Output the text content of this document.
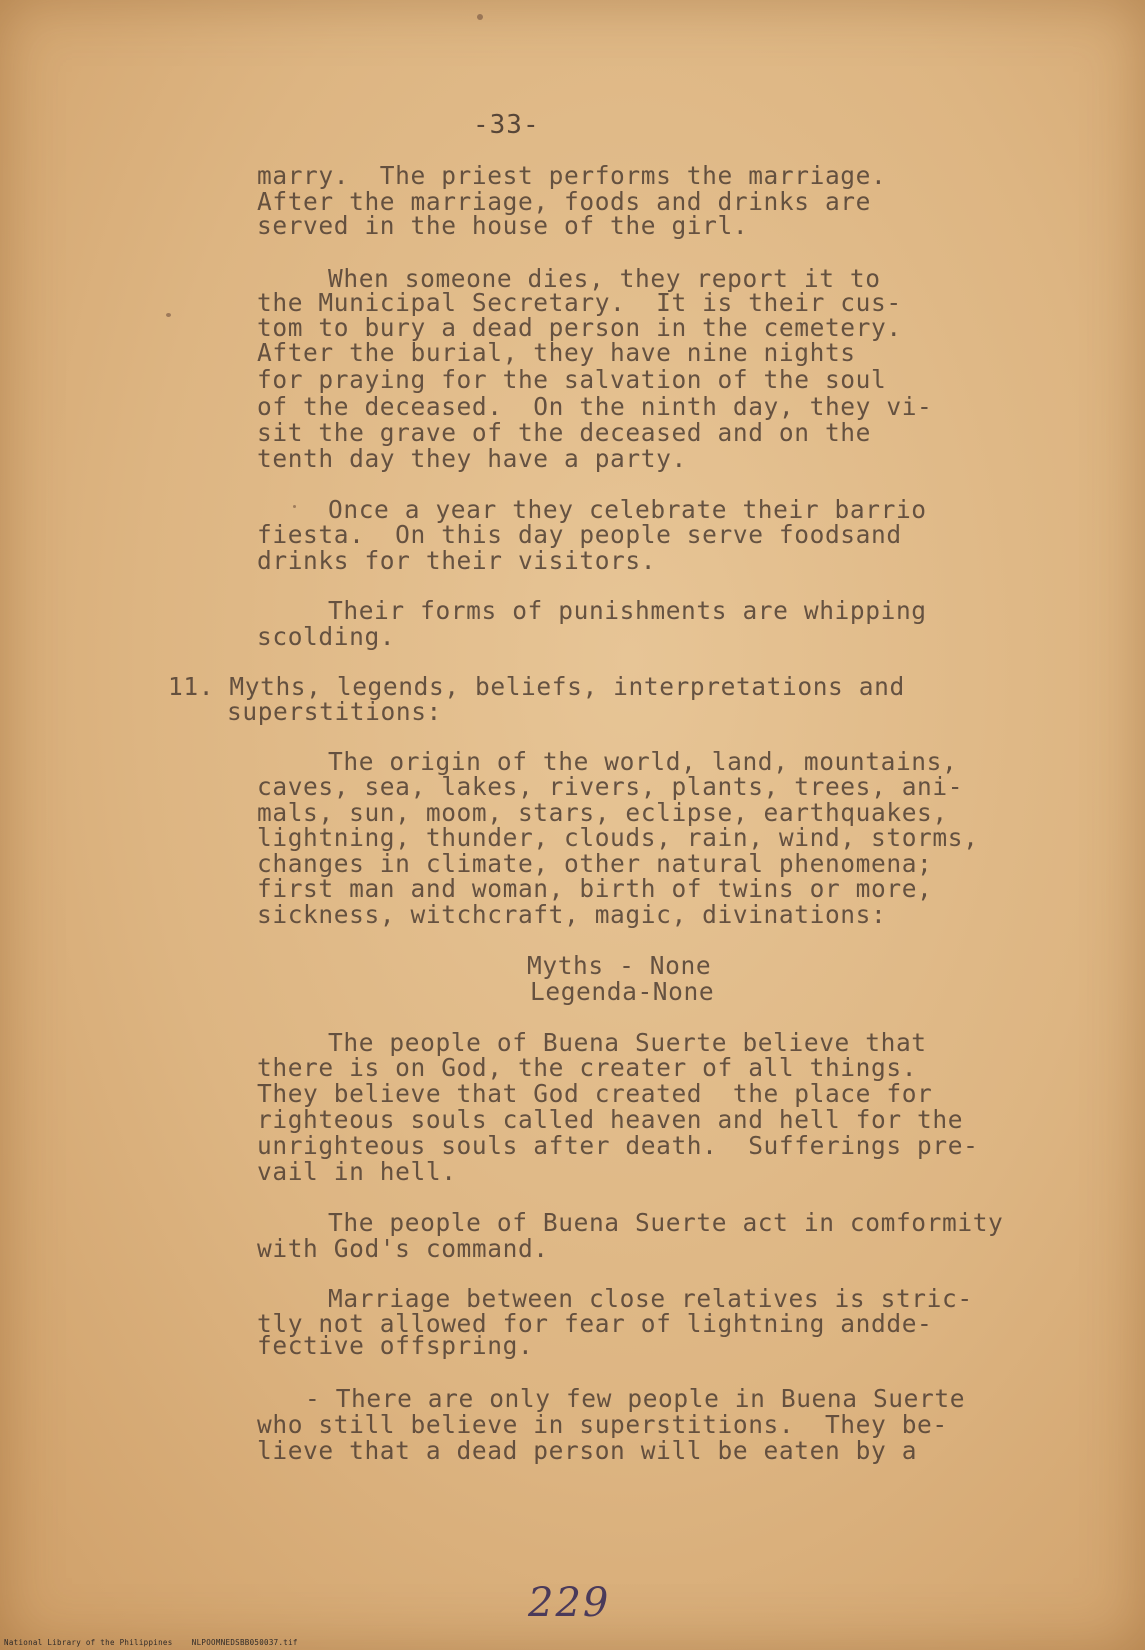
-33-
marry.  The priest performs the marriage.
After the marriage, foods and drinks are
served in the house of the girl.
When someone dies, they report it to
the Municipal Secretary.  It is their cus-
tom to bury a dead person in the cemetery.
After the burial, they have nine nights
for praying for the salvation of the soul
of the deceased.  On the ninth day, they vi-
sit the grave of the deceased and on the
tenth day they have a party.
Once a year they celebrate their barrio
fiesta.  On this day people serve foodsand
drinks for their visitors.
Their forms of punishments are whipping
scolding.
11. Myths, legends, beliefs, interpretations and
superstitions:
The origin of the world, land, mountains,
caves, sea, lakes, rivers, plants, trees, ani-
mals, sun, moom, stars, eclipse, earthquakes,
lightning, thunder, clouds, rain, wind, storms,
changes in climate, other natural phenomena;
first man and woman, birth of twins or more,
sickness, witchcraft, magic, divinations:
Myths - None
Legenda-None
The people of Buena Suerte believe that
there is on God, the creater of all things.
They believe that God created  the place for
righteous souls called heaven and hell for the
unrighteous souls after death.  Sufferings pre-
vail in hell.
The people of Buena Suerte act in comformity
with God's command.
Marriage between close relatives is stric-
tly not allowed for fear of lightning andde-
fective offspring.
- There are only few people in Buena Suerte
who still believe in superstitions.  They be-
lieve that a dead person will be eaten by a
229
National Library of the Philippines    NLPOOMNEDSBB050037.tif
